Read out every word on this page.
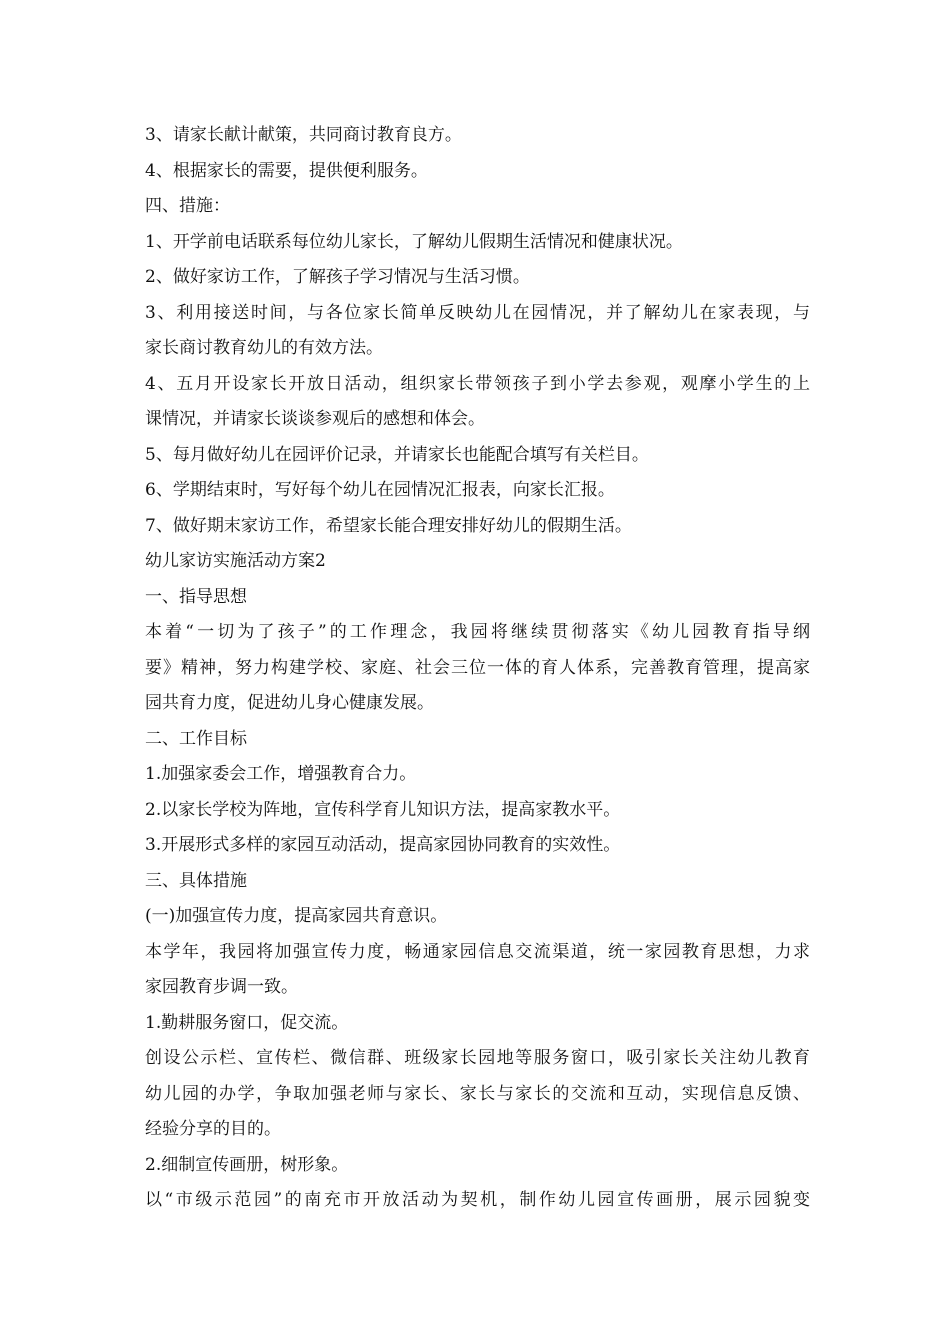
3、请家长献计献策，共同商讨教育良方。
4、根据家长的需要，提供便利服务。
四、措施：
1、开学前电话联系每位幼儿家长，了解幼儿假期生活情况和健康状况。
2、做好家访工作，了解孩子学习情况与生活习惯。
3、利用接送时间，与各位家长简单反映幼儿在园情况，并了解幼儿在家表现，与
家长商讨教育幼儿的有效方法。
4、五月开设家长开放日活动，组织家长带领孩子到小学去参观，观摩小学生的上
课情况，并请家长谈谈参观后的感想和体会。
5、每月做好幼儿在园评价记录，并请家长也能配合填写有关栏目。
6、学期结束时，写好每个幼儿在园情况汇报表，向家长汇报。
7、做好期末家访工作，希望家长能合理安排好幼儿的假期生活。
幼儿家访实施活动方案2
一、指导思想
本着“一切为了孩子”的工作理念，我园将继续贯彻落实《幼儿园教育指导纲
要》精神，努力构建学校、家庭、社会三位一体的育人体系，完善教育管理，提高家
园共育力度，促进幼儿身心健康发展。
二、工作目标
1.加强家委会工作，增强教育合力。
2.以家长学校为阵地，宣传科学育儿知识方法，提高家教水平。
3.开展形式多样的家园互动活动，提高家园协同教育的实效性。
三、具体措施
(一)加强宣传力度，提高家园共育意识。
本学年，我园将加强宣传力度，畅通家园信息交流渠道，统一家园教育思想，力求
家园教育步调一致。
1.勤耕服务窗口，促交流。
创设公示栏、宣传栏、微信群、班级家长园地等服务窗口，吸引家长关注幼儿教育
幼儿园的办学，争取加强老师与家长、家长与家长的交流和互动，实现信息反馈、
经验分享的目的。
2.细制宣传画册，树形象。
以“市级示范园”的南充市开放活动为契机，制作幼儿园宣传画册，展示园貌变
